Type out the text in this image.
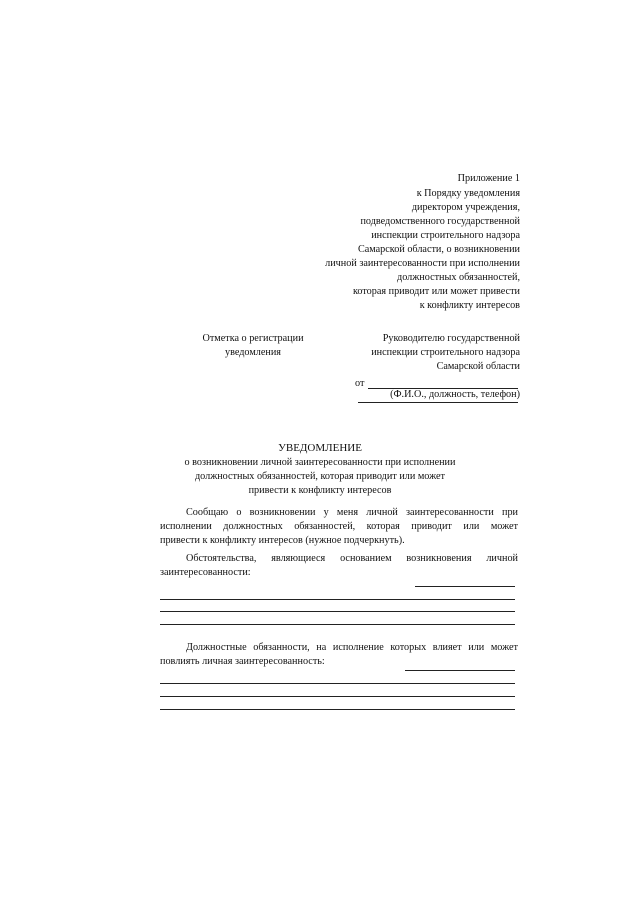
Приложение 1
к Порядку уведомления
директором учреждения,
подведомственного государственной
инспекции строительного надзора
Самарской области, о возникновении
личной заинтересованности при исполнении
должностных обязанностей,
которая приводит или может привести
к конфликту интересов
Отметка о регистрации
уведомления
Руководителю государственной
инспекции строительного надзора
Самарской области
от
(Ф.И.О., должность, телефон)
УВЕДОМЛЕНИЕ
о возникновении личной заинтересованности при исполнении
должностных обязанностей, которая приводит или может
привести к конфликту интересов
Сообщаю о возникновении у меня личной заинтересованности при
исполнении должностных обязанностей, которая приводит или может
привести к конфликту интересов (нужное подчеркнуть).
Обстоятельства, являющиеся основанием возникновения личной
заинтересованности:
Должностные обязанности, на исполнение которых влияет или может
повлиять личная заинтересованность:
